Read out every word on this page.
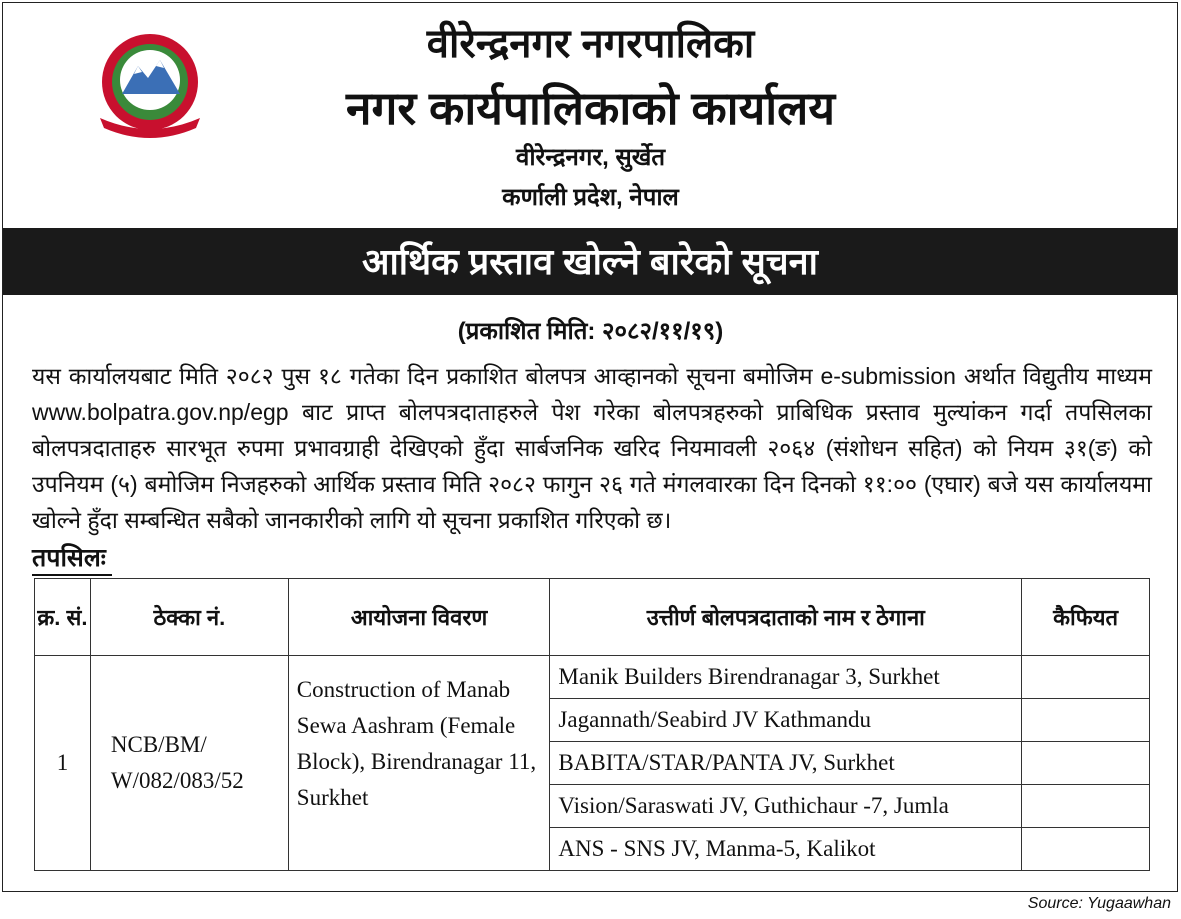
वीरेन्द्रनगर नगरपालिका
नगर कार्यपालिकाको कार्यालय
वीरेन्द्रनगर, सुर्खेत
कर्णाली प्रदेश, नेपाल
आर्थिक प्रस्ताव खोल्ने बारेको सूचना
(प्रकाशित मिति: २०८२/११/१९)
यस कार्यालयबाट मिति २०८२ पुस १८ गतेका दिन प्रकाशित बोलपत्र आव्हानको सूचना बमोजिम e-submission अर्थात विद्युतीय माध्यम www.bolpatra.gov.np/egp बाट प्राप्त बोलपत्रदाताहरुले पेश गरेका बोलपत्रहरुको प्राबिधिक प्रस्ताव मुल्यांकन गर्दा तपसिलका बोलपत्रदाताहरु सारभूत रुपमा प्रभावग्राही देखिएको हुँदा सार्बजनिक खरिद नियमावली २०६४ (संशोधन सहित) को नियम ३१(ङ) को उपनियम (५) बमोजिम निजहरुको आर्थिक प्रस्ताव मिति २०८२ फागुन २६ गते मंगलवारका दिन दिनको ११:०० (एघार) बजे यस कार्यालयमा खोल्ने हुँदा सम्बन्धित सबैको जानकारीको लागि यो सूचना प्रकाशित गरिएको छ।
तपसिलः
क्र. सं.	ठेक्का नं.	आयोजना विवरण	उत्तीर्ण बोलपत्रदाताको नाम र ठेगाना	कैफियत
1	NCB/BM/ W/082/083/52	Construction of Manab Sewa Aashram (Female Block), Birendranagar 11, Surkhet	Manik Builders Birendranagar 3, Surkhet	
			Jagannath/Seabird JV Kathmandu	
			BABITA/STAR/PANTA JV, Surkhet	
			Vision/Saraswati JV, Guthichaur -7, Jumla	
			ANS - SNS JV, Manma-5, Kalikot	
Source: Yugaawhan
